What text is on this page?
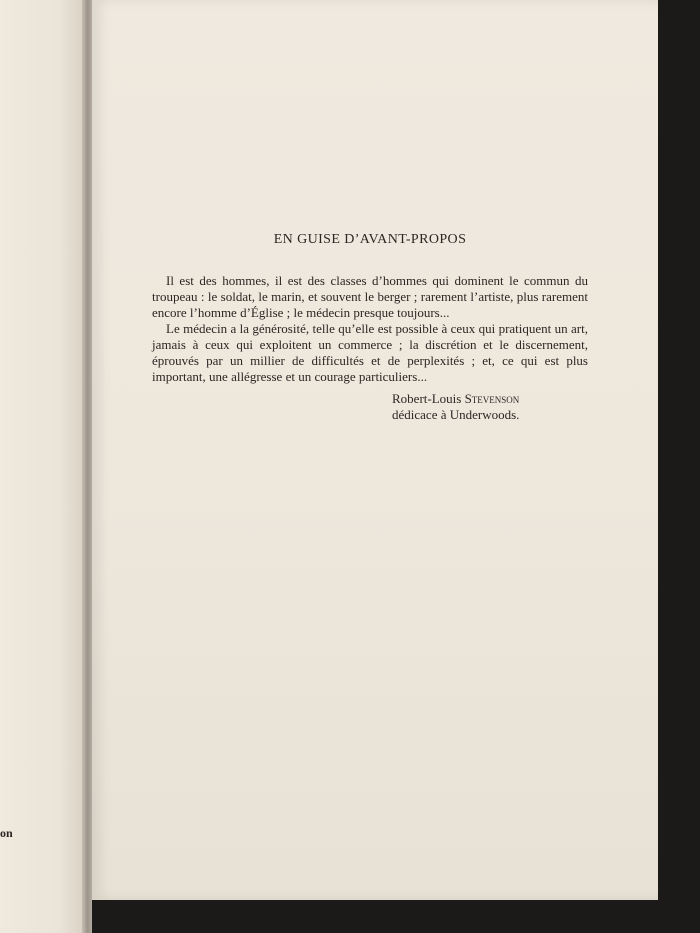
on
EN GUISE D’AVANT-PROPOS

Il est des hommes, il est des classes d’hommes qui dominent le commun du troupeau : le soldat, le marin, et souvent le berger ; rarement l’artiste, plus rarement encore l’homme d’Église ; le médecin presque toujours...

Le médecin a la générosité, telle qu’elle est possible à ceux qui pratiquent un art, jamais à ceux qui exploitent un commerce ; la discrétion et le discernement, éprouvés par un millier de difficultés et de perplexités ; et, ce qui est plus important, une allégresse et un courage particuliers...

Robert-Louis Stevenson
dédicace à Underwoods.
